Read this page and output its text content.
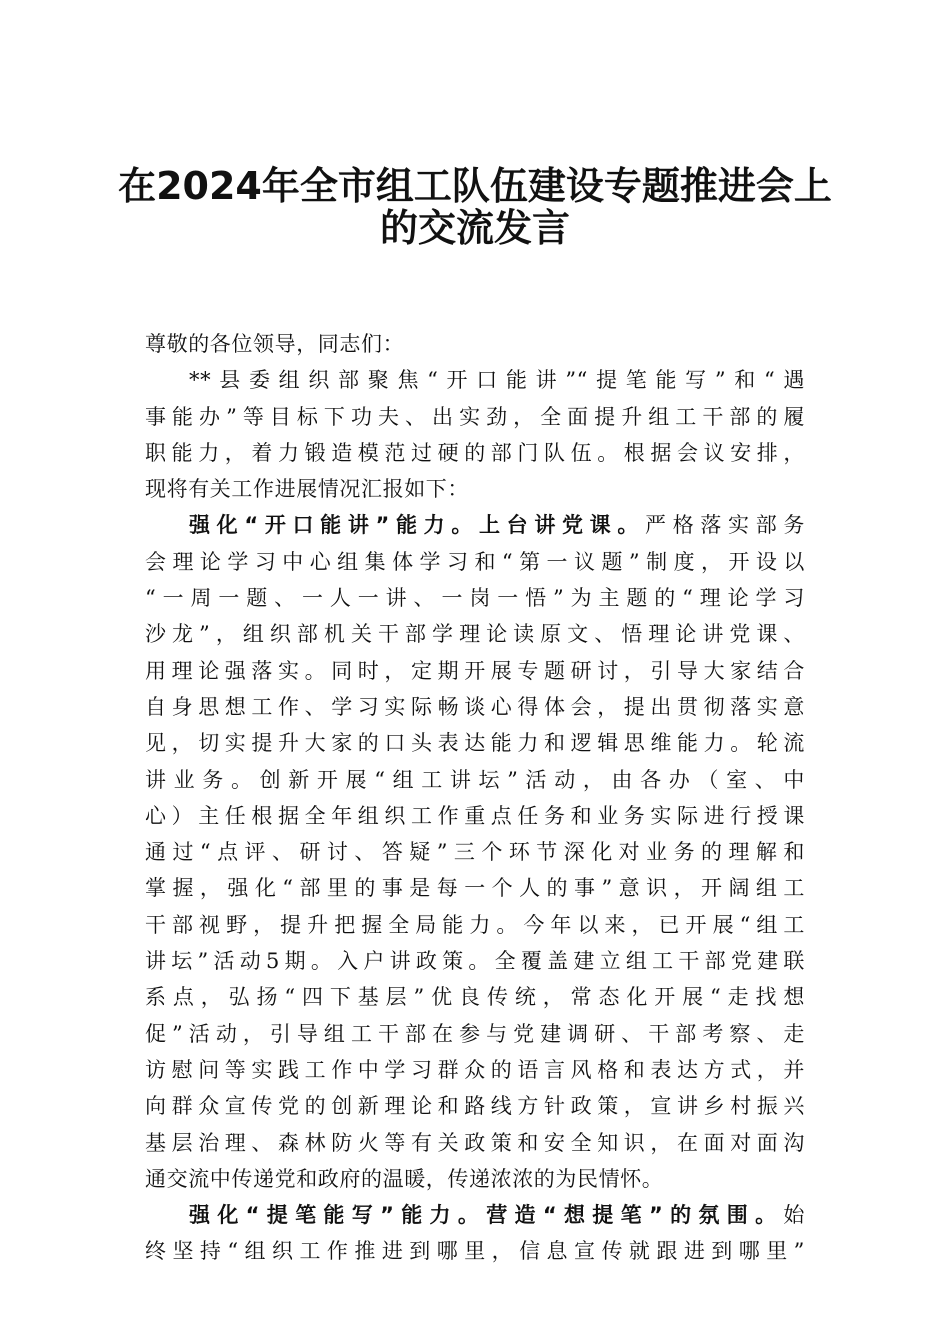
在2024年全市组工队伍建设专题推进会上
的交流发言
尊敬的各位领导，同志们：
**县委组织部聚焦“开口能讲”“提笔能写”和“遇
事能办”等目标下功夫、出实劲，全面提升组工干部的履
职能力，着力锻造模范过硬的部门队伍。根据会议安排，
现将有关工作进展情况汇报如下：
强化“开口能讲”能力。上台讲党课。严格落实部务
会理论学习中心组集体学习和“第一议题”制度，开设以
“一周一题、一人一讲、一岗一悟”为主题的“理论学习
沙龙”，组织部机关干部学理论读原文、悟理论讲党课、
用理论强落实。同时，定期开展专题研讨，引导大家结合
自身思想工作、学习实际畅谈心得体会，提出贯彻落实意
见，切实提升大家的口头表达能力和逻辑思维能力。轮流
讲业务。创新开展“组工讲坛”活动，由各办（室、中
心）主任根据全年组织工作重点任务和业务实际进行授课
通过“点评、研讨、答疑”三个环节深化对业务的理解和
掌握，强化“部里的事是每一个人的事”意识，开阔组工
干部视野，提升把握全局能力。今年以来，已开展“组工
讲坛”活动5期。入户讲政策。全覆盖建立组工干部党建联
系点，弘扬“四下基层”优良传统，常态化开展“走找想
促”活动，引导组工干部在参与党建调研、干部考察、走
访慰问等实践工作中学习群众的语言风格和表达方式，并
向群众宣传党的创新理论和路线方针政策，宣讲乡村振兴
基层治理、森林防火等有关政策和安全知识，在面对面沟
通交流中传递党和政府的温暖，传递浓浓的为民情怀。
强化“提笔能写”能力。营造“想提笔”的氛围。始
终坚持“组织工作推进到哪里，信息宣传就跟进到哪里”
